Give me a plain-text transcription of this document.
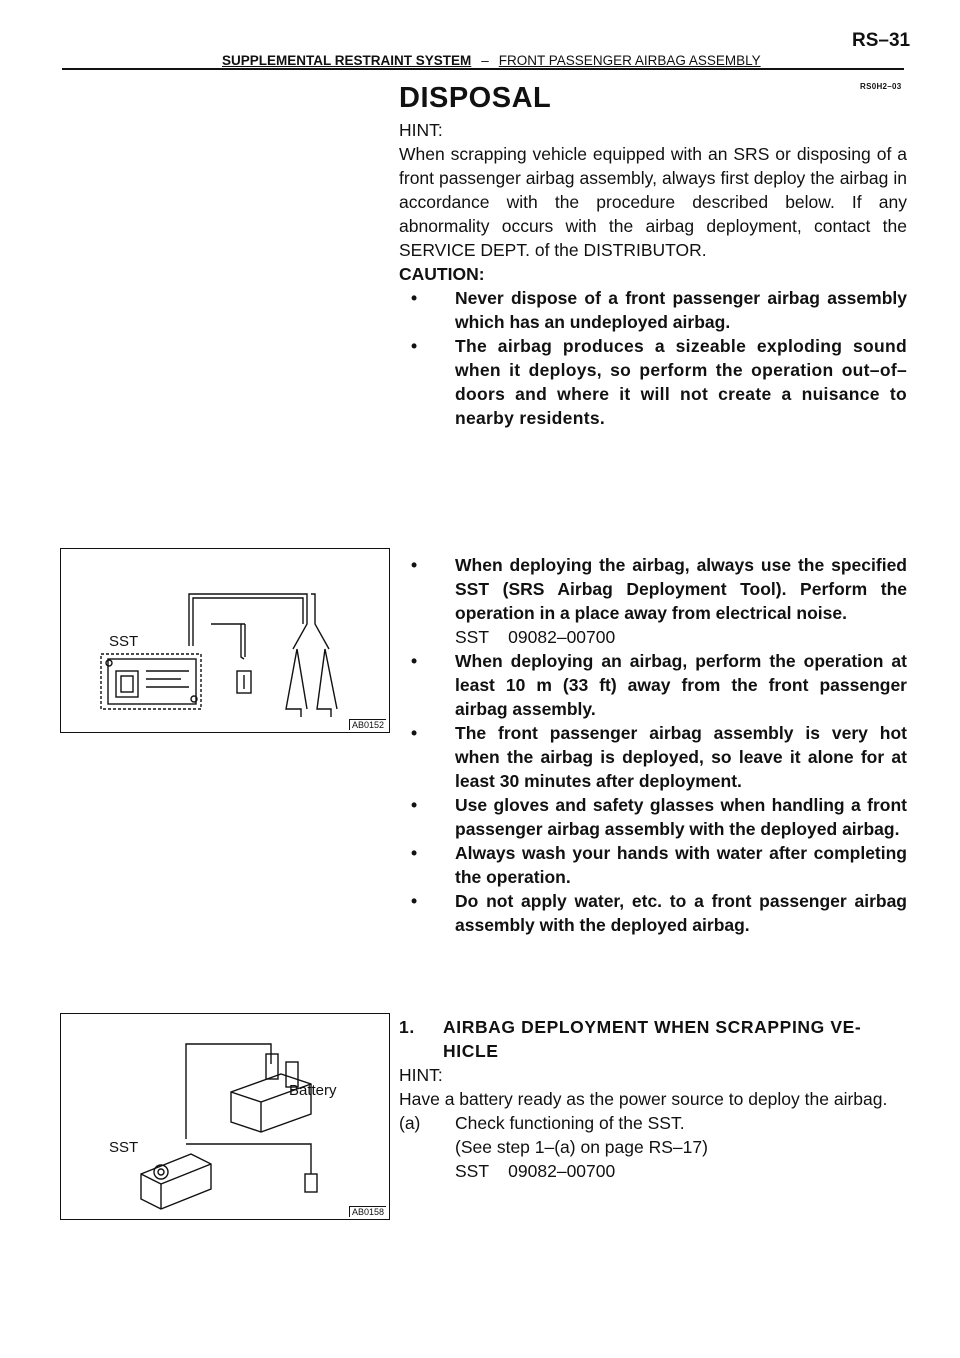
RS–31
SUPPLEMENTAL RESTRAINT SYSTEM – FRONT PASSENGER AIRBAG ASSEMBLY
RS0H2–03
DISPOSAL
HINT:
When scrapping vehicle equipped with an SRS or disposing of a front passenger airbag assembly, always first deploy the airbag in accordance with the procedure described below. If any abnormality occurs with the airbag deployment, contact the SERVICE DEPT. of the DISTRIBUTOR.
CAUTION:
• Never dispose of a front passenger airbag assembly which has an undeployed airbag.
• The airbag produces a sizeable exploding sound when it deploys, so perform the operation out–of–doors and where it will not create a nuisance to nearby residents.
• When deploying the airbag, always use the specified SST (SRS Airbag Deployment Tool). Perform the operation in a place away from electrical noise.
SST    09082–00700
• When deploying an airbag, perform the operation at least 10 m (33 ft) away from the front passenger airbag assembly.
• The front passenger airbag assembly is very hot when the airbag is deployed, so leave it alone for at least 30 minutes after deployment.
• Use gloves and safety glasses when handling a front passenger airbag assembly with the deployed airbag.
• Always wash your hands with water after completing the operation.
• Do not apply water, etc. to a front passenger airbag assembly with the deployed airbag.
1. AIRBAG DEPLOYMENT WHEN SCRAPPING VE-
HICLE
HINT:
Have a battery ready as the power source to deploy the airbag.
(a) Check functioning of the SST.
(See step 1–(a) on page RS–17)
SST    09082–00700
SST
AB0152
SST
Battery
AB0158
